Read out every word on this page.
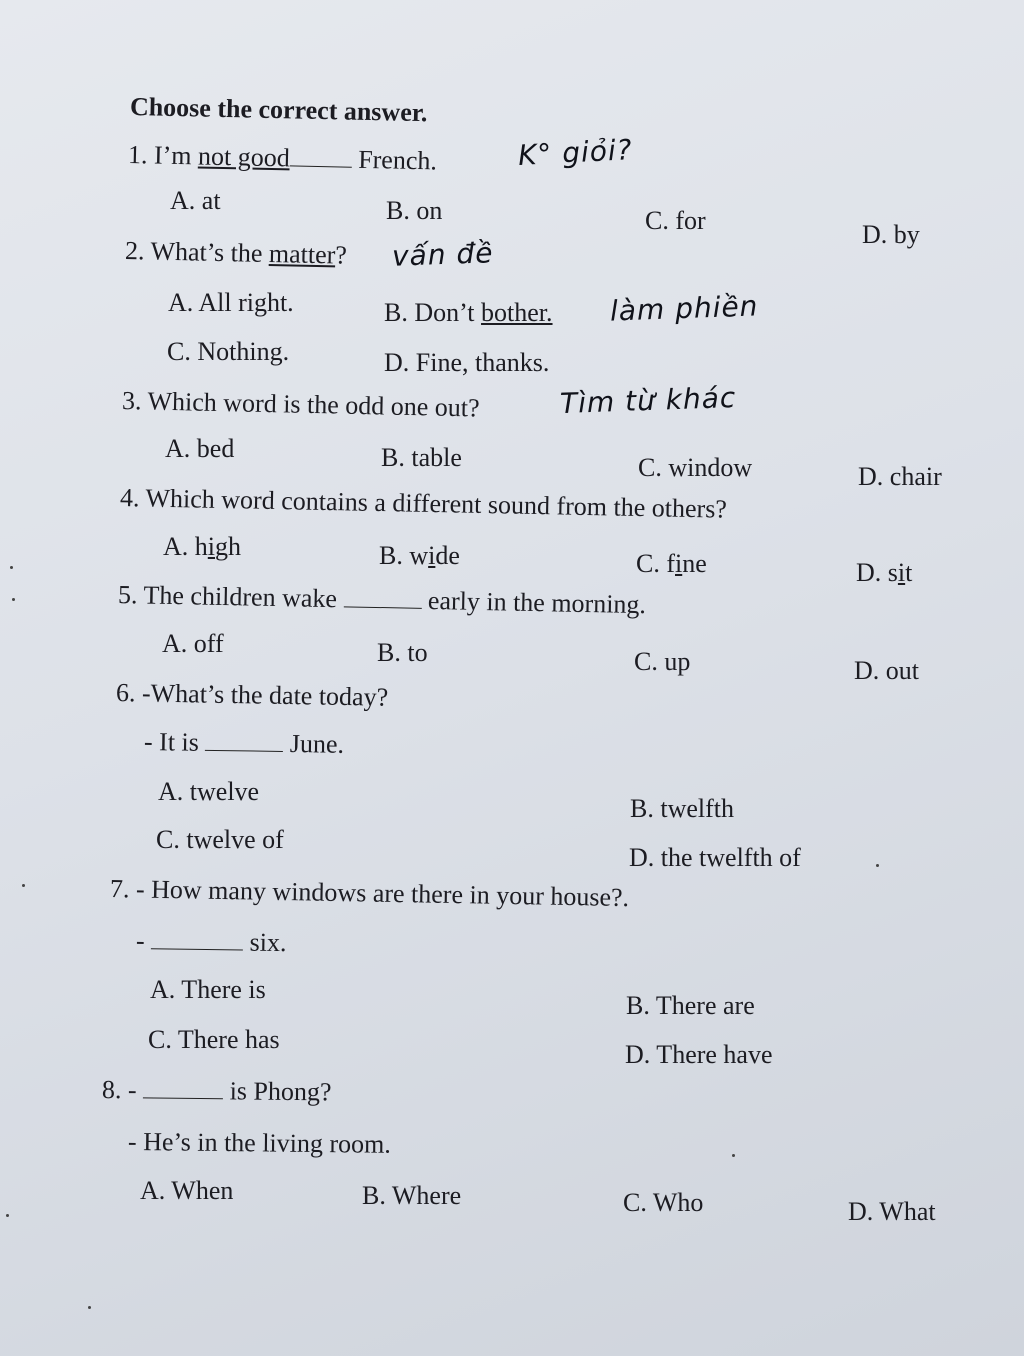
Choose the correct answer.
1. I’m not good French.	K° giỏi?
A. at	B. on	C. for	D. by
2. What’s the matter? vấn đề
A. All right.	B. Don’t bother. làm phiền
C. Nothing.	D. Fine, thanks.
3. Which word is the odd one out?	Tìm từ khác
A. bed	B. table	C. window	D. chair
4. Which word contains a different sound from the others?
A. high	B. wide	C. fine	D. sit
5. The children wake	early in the morning.
A. off	B. to	C. up	D. out
6. -What’s the date today?
- It is	June.
A. twelve
B. twelfth
C. twelve of
D. the twelfth of
7. - How many windows are there in your house?.
-	six.
A. There is
B. There are
C. There has
D. There have
8. -	is Phong?
- He’s in the living room.
A. When	B. Where	C. Who	D. What
